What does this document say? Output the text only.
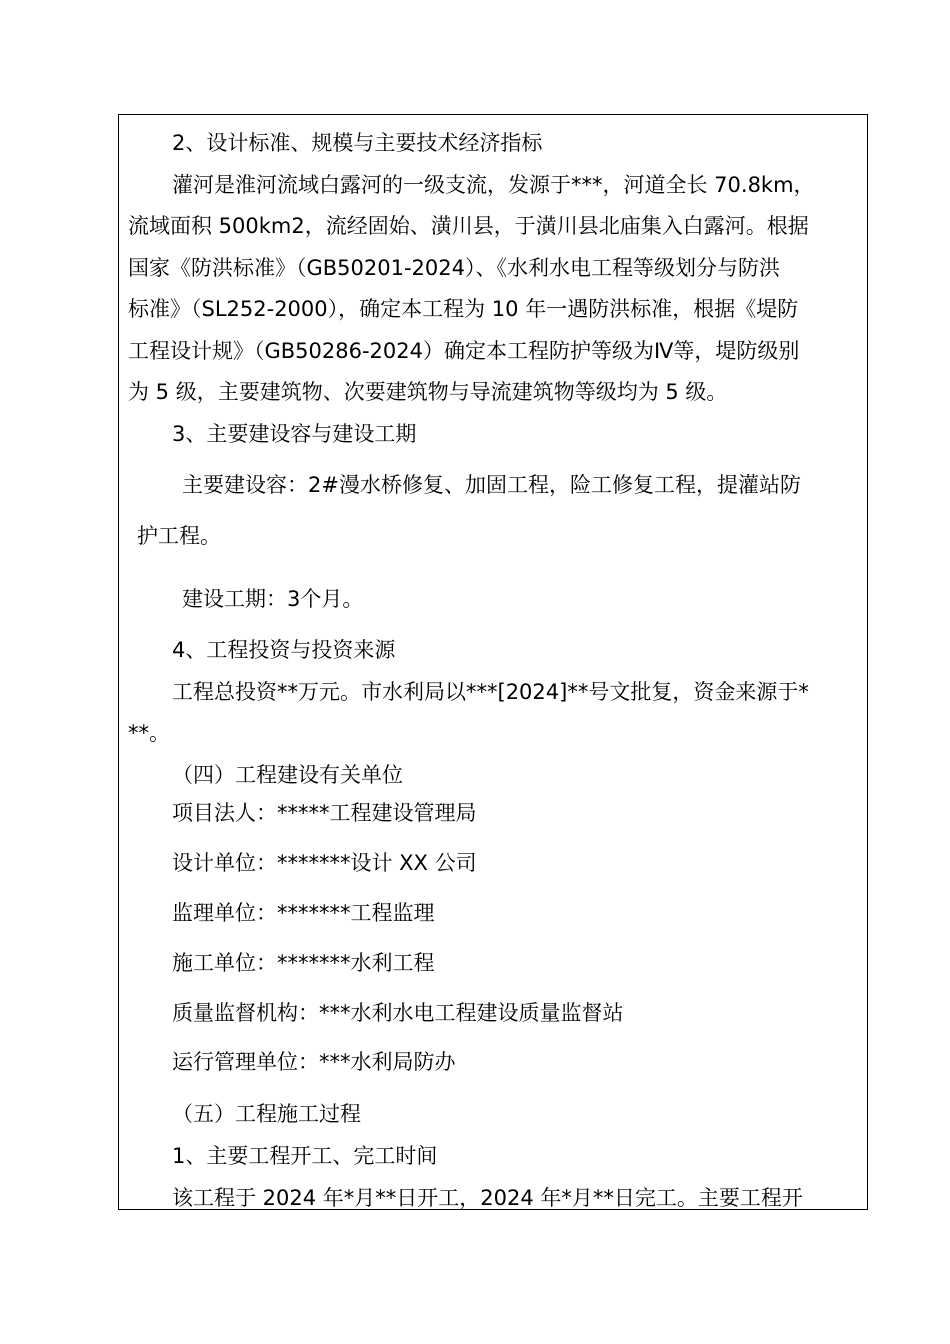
2、设计标准、规模与主要技术经济指标
灌河是淮河流域白露河的一级支流，发源于***，河道全长 70.8km，
流域面积 500km2，流经固始、潢川县，于潢川县北庙集入白露河。根据
国家《防洪标准》（GB50201-2024）、《水利水电工程等级划分与防洪
标准》（SL252-2000），确定本工程为 10 年一遇防洪标准，根据《堤防
工程设计规》（GB50286-2024）确定本工程防护等级为Ⅳ等，堤防级别
为 5 级，主要建筑物、次要建筑物与导流建筑物等级均为 5 级。
3、主要建设容与建设工期
主要建设容：2#漫水桥修复、加固工程，险工修复工程，提灌站防
护工程。
建设工期：3个月。
4、工程投资与投资来源
工程总投资**万元。市水利局以***[2024]**号文批复，资金来源于*
**。
（四）工程建设有关单位
项目法人：*****工程建设管理局
设计单位：*******设计 XX 公司
监理单位：*******工程监理
施工单位：*******水利工程
质量监督机构：***水利水电工程建设质量监督站
运行管理单位：***水利局防办
（五）工程施工过程
1、主要工程开工、完工时间
该工程于 2024 年*月**日开工，2024 年*月**日完工。主要工程开
